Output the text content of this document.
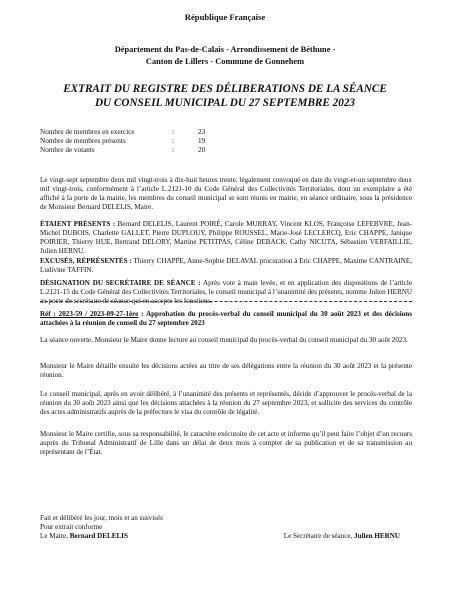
République Française
Département du Pas-de-Calais - Arrondissement de Béthune -
Canton de Lillers - Commune de Gonnehem
EXTRAIT DU REGISTRE DES DÉLIBERATIONS DE LA SÉANCE
DU CONSEIL MUNICIPAL DU 27 SEPTEMBRE 2023
Nombre de membres en exercice	:	23
Nombre de membres présents	:	19
Nombre de votants	:	20

Le vingt-sept septembre deux mil vingt-trois à dix-huit heures trente, légalement convoqué en date du vingt-et-un septembre deux mil vingt-trois, conformément à l’article L.2121-10 du Code Général des Collectivités Territoriales, dont un exemplaire a été affiché à la porte de la mairie, les membres du conseil municipal se sont réunis en mairie, en séance ordinaire, sous la présidence de Monsieur Bernard DELELIS, Maire.

ÉTAIENT PRÉSENTS : Bernard DELELIS, Laurent POIRÉ, Carole MURRAY, Vincent KLOS, Françoise LEFEBVRE, Jean-Michel DUBOIS, Charlette GALLET, Pierre DUPLOUY, Philippe ROUSSEL, Marie-José LECLERCQ, Eric CHAPPE, Janique POIRIER, Thierry HUE, Bertrand DELORY, Martine PETITPAS, Céline DEBACK, Cathy NICUTA, Sébastien VERFAILLIE, Julien HERNU.

EXCUSÉS, RÉPRÉSENTÉS : Thierry CHAPPE, Anne-Sophie DELAVAL procuration à Eric CHAPPE, Maxime CANTRAINE, Ludivine TAFFIN.

DÉSIGNATION DU SECRÉTAIRE DE SÉANCE : Après vote à main levée, et en application des dispositions de l’article L.2121-15 du Code Général des Collectivités Territoriales, le conseil municipal à l’unanimité des présents, nomme Julien HERNU au poste de secrétaire de séance qui en accepte les fonctions.

Réf : 2023-59 / 2023-09-27-1ère : Approbation du procès-verbal du conseil municipal du 30 août 2023 et des décisions attachées à la réunion de conseil du 27 septembre 2023

La séance ouverte, Monsieur le Maire donne lecture au conseil municipal du procès-verbal du conseil municipal du 30 août 2023.

Monsieur le Maire détaille ensuite les décisions actées au titre de ses délégations entre la réunion du 30 août 2023 et la présente réunion.

Le conseil municipal, après en avoir délibéré, à l’unanimité des présents et représentés, décide d’approuver le procès-verbal de la réunion du 30 août 2023 ainsi que les décisions attachées à la réunion du 27 septembre 2023, et sollicite des services du contrôle des actes administratifs auprès de la préfecture le visa du contrôle de légalité.

Monsieur le Maire certifie, sous sa responsabilité, le caractère exécutoire de cet acte et informe qu’il peut faire l’objet d’un recours auprès du Tribunal Administratif de Lille dans un délai de deux mois à compter de sa publication et de sa transmission au représentant de l’État.

Fait et délibéré les jour, mois et an susvisés
Pour extrait conforme
Le Maire, Bernard DELELIS	Le Secrétaire de séance, Julien HERNU
